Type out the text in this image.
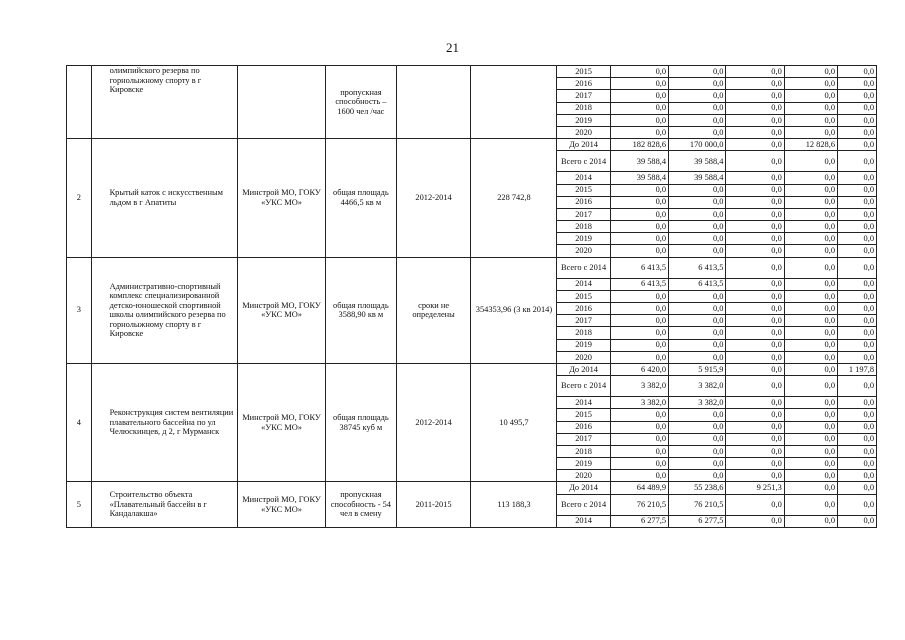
21
	олимпийского резерва по горнолыжному спорту в г Кировске		пропускная способность – 1600 чел /час			2015	0,0	0,0	0,0	0,0	0,0
						2016	0,0	0,0	0,0	0,0	0,0
						2017	0,0	0,0	0,0	0,0	0,0
						2018	0,0	0,0	0,0	0,0	0,0
						2019	0,0	0,0	0,0	0,0	0,0
						2020	0,0	0,0	0,0	0,0	0,0
2	Крытый каток с искусственным льдом в г Апатиты	Минстрой МО, ГОКУ «УКС МО»	общая площадь 4466,5 кв м	2012-2014	228 742,8	До 2014	182 828,6	170 000,0	0,0	12 828,6	0,0
						Всего с 2014	39 588,4	39 588,4	0,0	0,0	0,0
						2014	39 588,4	39 588,4	0,0	0,0	0,0
						2015	0,0	0,0	0,0	0,0	0,0
						2016	0,0	0,0	0,0	0,0	0,0
						2017	0,0	0,0	0,0	0,0	0,0
						2018	0,0	0,0	0,0	0,0	0,0
						2019	0,0	0,0	0,0	0,0	0,0
						2020	0,0	0,0	0,0	0,0	0,0
3	Административно-спортивный комплекс специализированной детско-юношеской спортивной школы олимпийского резерва по горнолыжному спорту в г Кировске	Минстрой МО, ГОКУ «УКС МО»	общая площадь 3588,90 кв м	сроки не определены	354353,96 (3 кв 2014)	Всего с 2014	6 413,5	6 413,5	0,0	0,0	0,0
						2014	6 413,5	6 413,5	0,0	0,0	0,0
						2015	0,0	0,0	0,0	0,0	0,0
						2016	0,0	0,0	0,0	0,0	0,0
						2017	0,0	0,0	0,0	0,0	0,0
						2018	0,0	0,0	0,0	0,0	0,0
						2019	0,0	0,0	0,0	0,0	0,0
						2020	0,0	0,0	0,0	0,0	0,0
4	Реконструкция систем вентиляции плавательного бассейна по ул Челюскинцев, д 2, г Мурманск	Минстрой МО, ГОКУ «УКС МО»	общая площадь 38745 куб м	2012-2014	10 495,7	До 2014	6 420,0	5 915,9	0,0	0,0	1 197,8
						Всего с 2014	3 382,0	3 382,0	0,0	0,0	0,0
						2014	3 382,0	3 382,0	0,0	0,0	0,0
						2015	0,0	0,0	0,0	0,0	0,0
						2016	0,0	0,0	0,0	0,0	0,0
						2017	0,0	0,0	0,0	0,0	0,0
						2018	0,0	0,0	0,0	0,0	0,0
						2019	0,0	0,0	0,0	0,0	0,0
						2020	0,0	0,0	0,0	0,0	0,0
5	Строительство объекта «Плавательный бассейн в г Кандалакша»	Минстрой МО, ГОКУ «УКС МО»	пропускная способность - 54 чел в смену	2011-2015	113 188,3	До 2014	64 489,9	55 238,6	9 251,3	0,0	0,0
						Всего с 2014	76 210,5	76 210,5	0,0	0,0	0,0
						2014	6 277,5	6 277,5	0,0	0,0	0,0
